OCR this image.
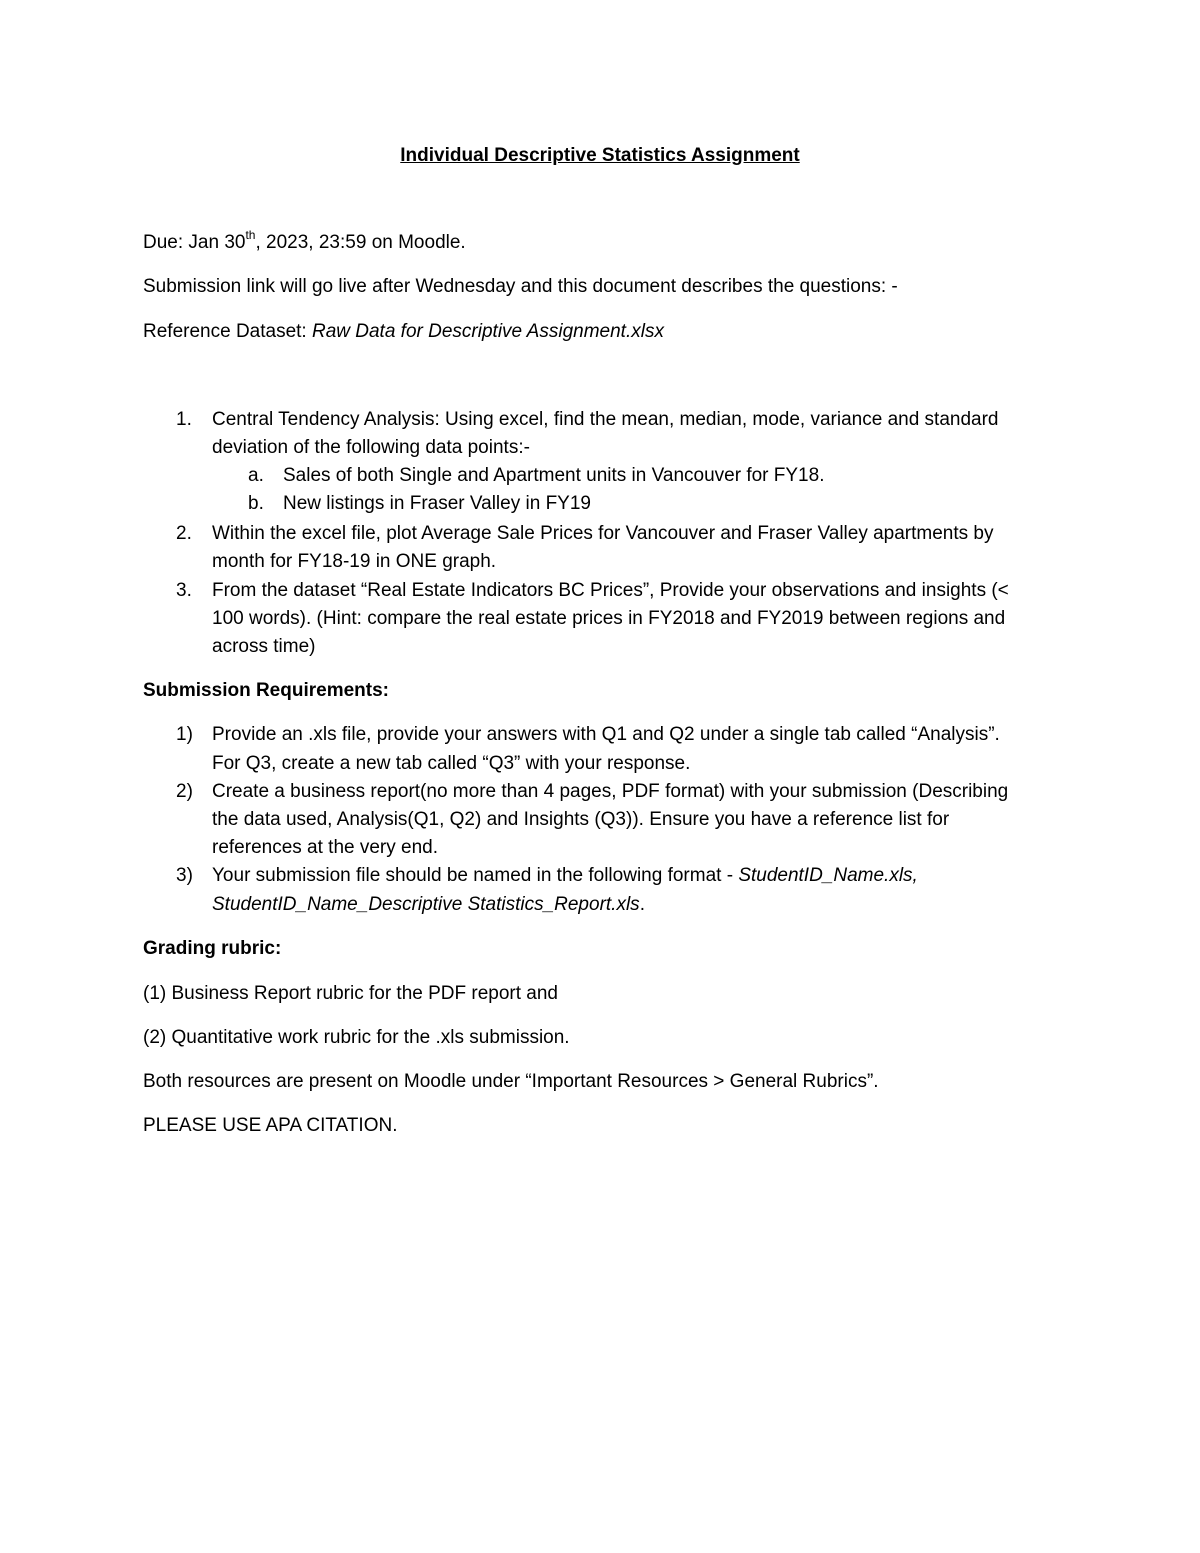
Individual Descriptive Statistics Assignment
Due: Jan 30th, 2023, 23:59 on Moodle.
Submission link will go live after Wednesday and this document describes the questions: -
Reference Dataset: Raw Data for Descriptive Assignment.xlsx
1. Central Tendency Analysis: Using excel, find the mean, median, mode, variance and standard
deviation of the following data points:-
a. Sales of both Single and Apartment units in Vancouver for FY18.
b. New listings in Fraser Valley in FY19
2. Within the excel file, plot Average Sale Prices for Vancouver and Fraser Valley apartments by
month for FY18-19 in ONE graph.
3. From the dataset “Real Estate Indicators BC Prices”, Provide your observations and insights (<
100 words). (Hint: compare the real estate prices in FY2018 and FY2019 between regions and
across time)
Submission Requirements:
1) Provide an .xls file, provide your answers with Q1 and Q2 under a single tab called “Analysis”.
For Q3, create a new tab called “Q3” with your response.
2) Create a business report(no more than 4 pages, PDF format) with your submission (Describing
the data used, Analysis(Q1, Q2) and Insights (Q3)). Ensure you have a reference list for
references at the very end.
3) Your submission file should be named in the following format - StudentID_Name.xls,
StudentID_Name_Descriptive Statistics_Report.xls.
Grading rubric:
(1) Business Report rubric for the PDF report and
(2) Quantitative work rubric for the .xls submission.
Both resources are present on Moodle under “Important Resources > General Rubrics”.
PLEASE USE APA CITATION.
